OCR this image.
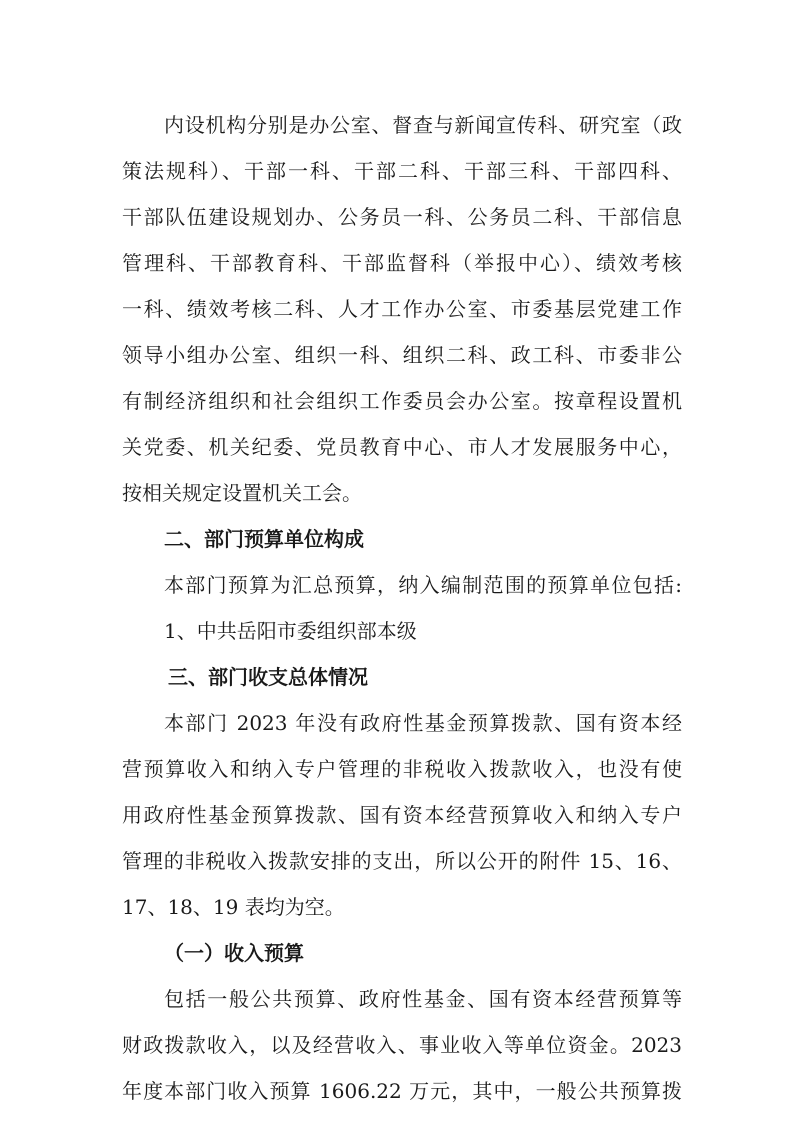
内设机构分别是办公室、督查与新闻宣传科、研究室（政
策法规科）、干部一科、干部二科、干部三科、干部四科、
干部队伍建设规划办、公务员一科、公务员二科、干部信息
管理科、干部教育科、干部监督科（举报中心）、绩效考核
一科、绩效考核二科、人才工作办公室、市委基层党建工作
领导小组办公室、组织一科、组织二科、政工科、市委非公
有制经济组织和社会组织工作委员会办公室。按章程设置机
关党委、机关纪委、党员教育中心、市人才发展服务中心，
按相关规定设置机关工会。
二、部门预算单位构成
本部门预算为汇总预算，纳入编制范围的预算单位包括:
1、中共岳阳市委组织部本级
三、部门收支总体情况
本部门 2023 年没有政府性基金预算拨款、国有资本经
营预算收入和纳入专户管理的非税收入拨款收入，也没有使
用政府性基金预算拨款、国有资本经营预算收入和纳入专户
管理的非税收入拨款安排的支出，所以公开的附件 15、16、
17、18、19 表均为空。
（一）收入预算
包括一般公共预算、政府性基金、国有资本经营预算等
财政拨款收入，以及经营收入、事业收入等单位资金。2023
年度本部门收入预算 1606.22 万元，其中，一般公共预算拨
